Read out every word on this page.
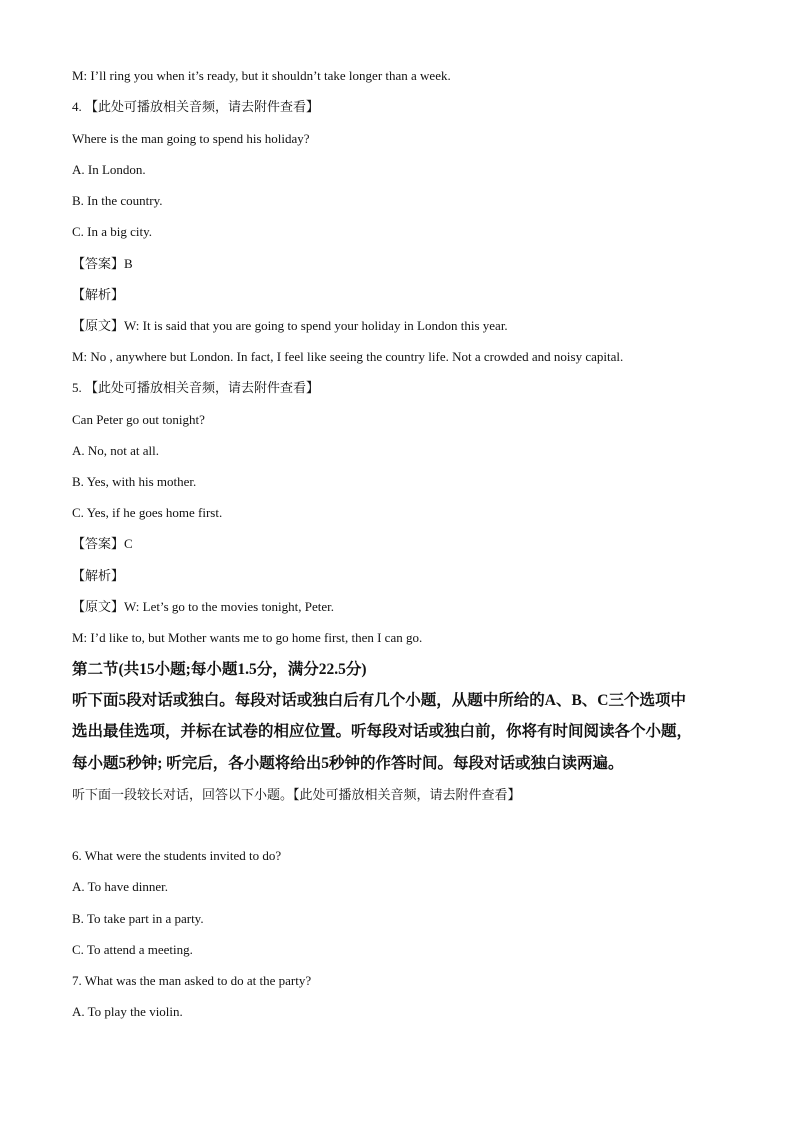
M: I’ll ring you when it’s ready, but it shouldn’t take longer than a week.
4. 【此处可播放相关音频，请去附件查看】
Where is the man going to spend his holiday?
A. In London.
B. In the country.
C. In a big city.
【答案】B
【解析】
【原文】W: It is said that you are going to spend your holiday in London this year.
M: No , anywhere but London. In fact, I feel like seeing the country life. Not a crowded and noisy capital.
5. 【此处可播放相关音频，请去附件查看】
Can Peter go out tonight?
A. No, not at all.
B. Yes, with his mother.
C. Yes, if he goes home first.
【答案】C
【解析】
【原文】W: Let’s go to the movies tonight, Peter.
M: I’d like to, but Mother wants me to go home first, then I can go.
第二节(共15小题;每小题1.5分，满分22.5分)
听下面5段对话或独白。每段对话或独白后有几个小题，从题中所给的A、B、C三个选项中
选出最佳选项，并标在试卷的相应位置。听每段对话或独白前，你将有时间阅读各个小题，
每小题5秒钟; 听完后，各小题将给出5秒钟的作答时间。每段对话或独白读两遍。
听下面一段较长对话，回答以下小题。【此处可播放相关音频，请去附件查看】
6. What were the students invited to do?
A. To have dinner.
B. To take part in a party.
C. To attend a meeting.
7. What was the man asked to do at the party?
A. To play the violin.
